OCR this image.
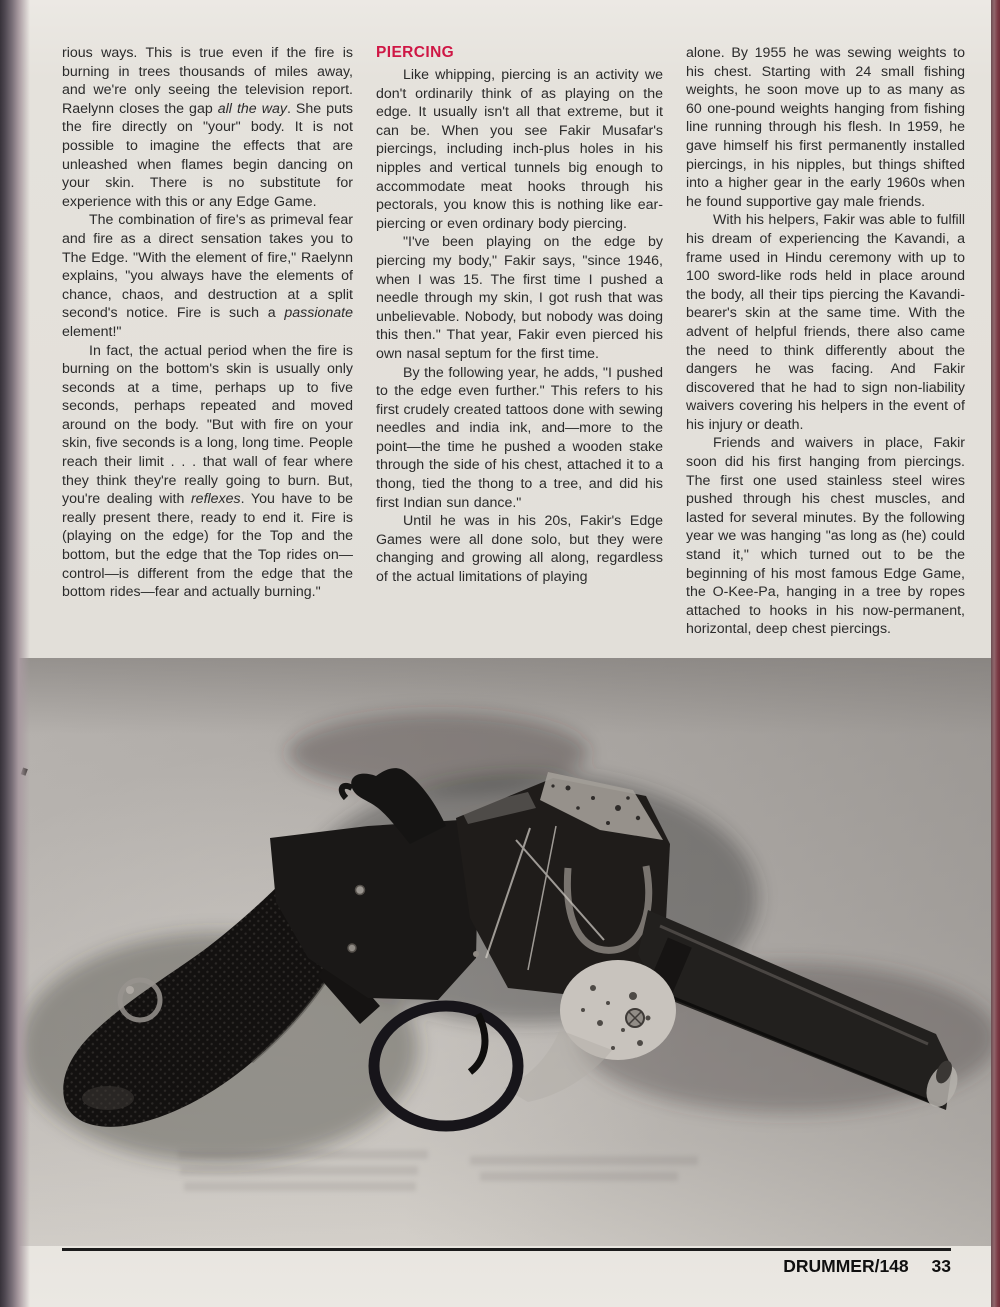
rious ways. This is true even if the fire is burning in trees thousands of miles away, and we're only seeing the television report. Raelynn closes the gap all the way. She puts the fire directly on "your" body. It is not possible to imagine the effects that are unleashed when flames begin dancing on your skin. There is no substitute for experience with this or any Edge Game.

The combination of fire's as primeval fear and fire as a direct sensation takes you to The Edge. "With the element of fire," Raelynn explains, "you always have the elements of chance, chaos, and destruction at a split second's notice. Fire is such a passionate element!"

In fact, the actual period when the fire is burning on the bottom's skin is usually only seconds at a time, perhaps up to five seconds, perhaps repeated and moved around on the body. "But with fire on your skin, five seconds is a long, long time. People reach their limit . . . that wall of fear where they think they're really going to burn. But, you're dealing with reflexes. You have to be really present there, ready to end it. Fire is (playing on the edge) for the Top and the bottom, but the edge that the Top rides on—control—is different from the edge that the bottom rides—fear and actually burning."

PIERCING

Like whipping, piercing is an activity we don't ordinarily think of as playing on the edge. It usually isn't all that extreme, but it can be. When you see Fakir Musafar's piercings, including inch-plus holes in his nipples and vertical tunnels big enough to accommodate meat hooks through his pectorals, you know this is nothing like ear-piercing or even ordinary body piercing.

"I've been playing on the edge by piercing my body," Fakir says, "since 1946, when I was 15. The first time I pushed a needle through my skin, I got rush that was unbelievable. Nobody, but nobody was doing this then." That year, Fakir even pierced his own nasal septum for the first time.

By the following year, he adds, "I pushed to the edge even further." This refers to his first crudely created tattoos done with sewing needles and india ink, and—more to the point—the time he pushed a wooden stake through the side of his chest, attached it to a thong, tied the thong to a tree, and did his first Indian sun dance."

Until he was in his 20s, Fakir's Edge Games were all done solo, but they were changing and growing all along, regardless of the actual limitations of playing

alone. By 1955 he was sewing weights to his chest. Starting with 24 small fishing weights, he soon move up to as many as 60 one-pound weights hanging from fishing line running through his flesh. In 1959, he gave himself his first permanently installed piercings, in his nipples, but things shifted into a higher gear in the early 1960s when he found supportive gay male friends.

With his helpers, Fakir was able to fulfill his dream of experiencing the Kavandi, a frame used in Hindu ceremony with up to 100 sword-like rods held in place around the body, all their tips piercing the Kavandi-bearer's skin at the same time. With the advent of helpful friends, there also came the need to think differently about the dangers he was facing. And Fakir discovered that he had to sign non-liability waivers covering his helpers in the event of his injury or death.

Friends and waivers in place, Fakir soon did his first hanging from piercings. The first one used stainless steel wires pushed through his chest muscles, and lasted for several minutes. By the following year we was hanging "as long as (he) could stand it," which turned out to be the beginning of his most famous Edge Game, the O-Kee-Pa, hanging in a tree by ropes attached to hooks in his now-permanent, horizontal, deep chest piercings.

DRUMMER/148 33
